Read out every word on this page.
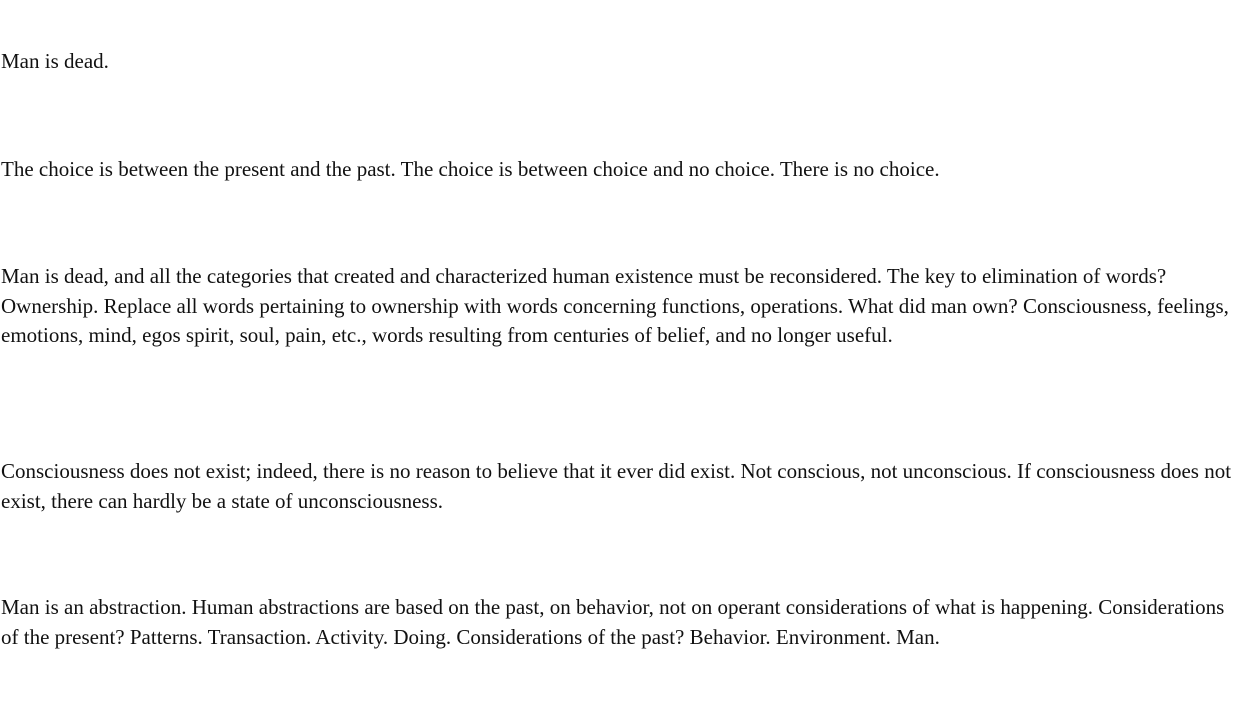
Man is dead.

The choice is between the present and the past. The choice is between choice and no choice. There is no choice.

Man is dead, and all the categories that created and characterized human existence must be reconsidered. The key to elimination of words? Ownership. Replace all words pertaining to ownership with words concerning functions, operations. What did man own? Consciousness, feelings, emotions, mind, egos spirit, soul, pain, etc., words resulting from centuries of belief, and no longer useful.

Consciousness does not exist; indeed, there is no reason to believe that it ever did exist. Not conscious, not unconscious. If consciousness does not exist, there can hardly be a state of unconsciousness.

Man is an abstraction. Human abstractions are based on the past, on behavior, not on operant considerations of what is happening. Considerations of the present? Patterns. Transaction. Activity. Doing. Considerations of the past? Behavior. Environment. Man.
